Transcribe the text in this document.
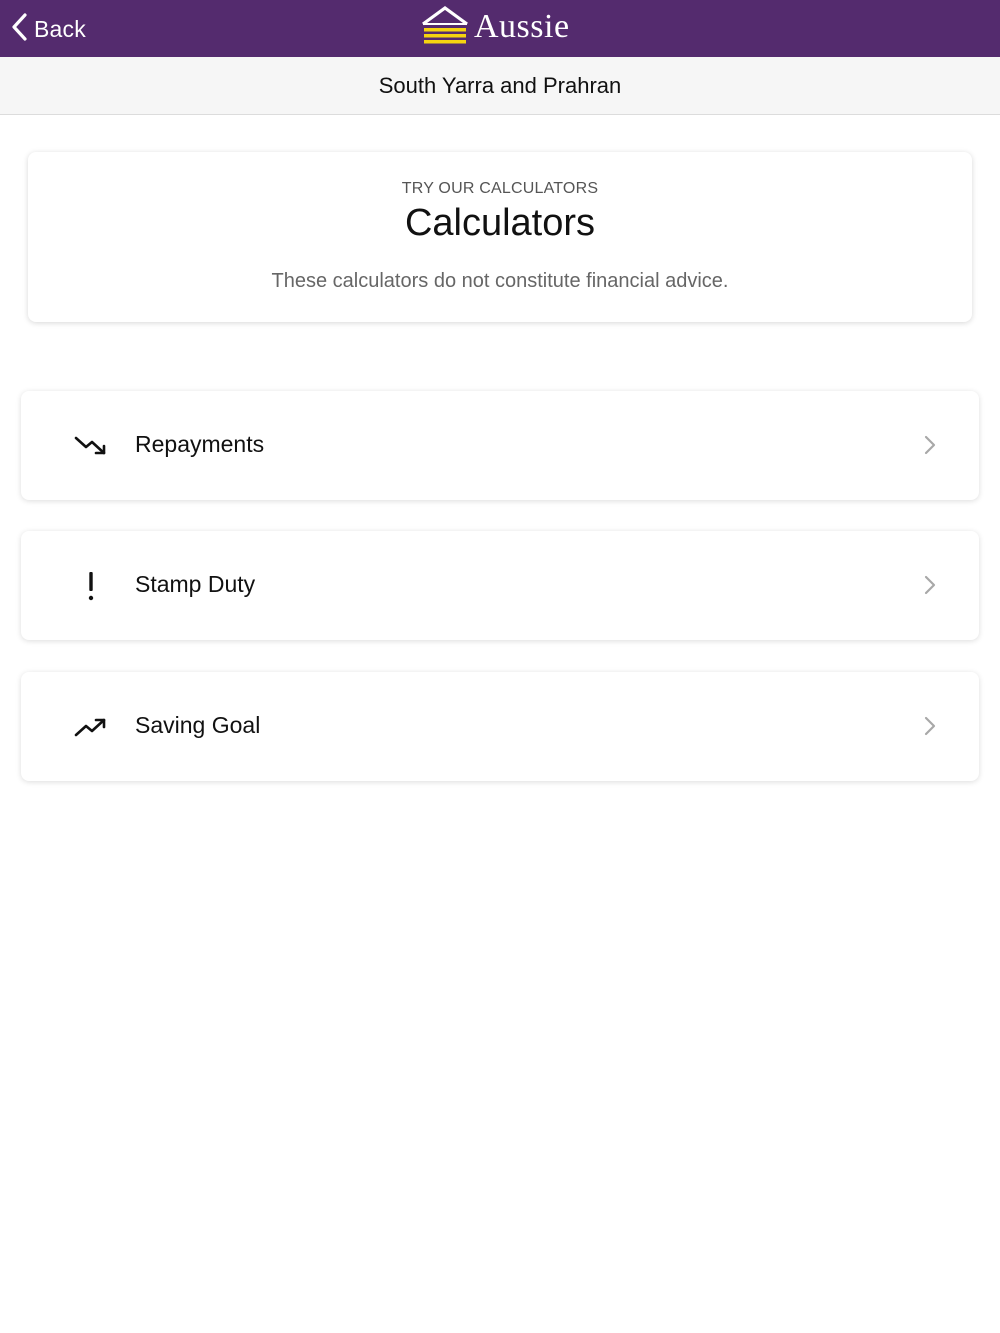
Back	Aussie
South Yarra and Prahran
TRY OUR CALCULATORS
Calculators
These calculators do not constitute financial advice.
Repayments
Stamp Duty
Saving Goal
